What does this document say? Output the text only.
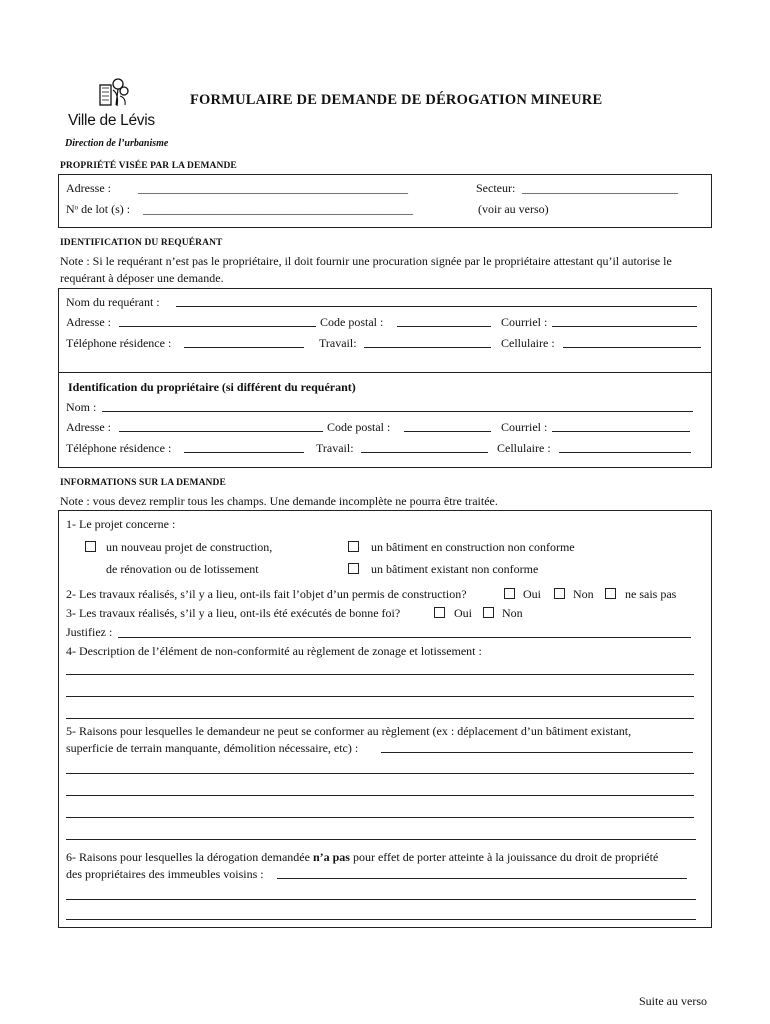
Ville de Lévis
Direction de l’urbanisme
FORMULAIRE DE DEMANDE DE DÉROGATION MINEURE
PROPRIÉTÉ VISÉE PAR LA DEMANDE
Adresse : _____________________________________________
Nᵒ de lot (s) : _____________________________________________
Secteur: __________________________
(voir au verso)
IDENTIFICATION DU REQUÉRANT
Note : Si le requérant n’est pas le propriétaire, il doit fournir une procuration signée par le propriétaire attestant qu’il autorise le
requérant à déposer une demande.
Nom du requérant :
Adresse :	Code postal :	Courriel :
Téléphone résidence :	Travail:	Cellulaire :
Identification du propriétaire (si différent du requérant)
Nom :
Adresse :	Code postal :	Courriel :
Téléphone résidence :	Travail:	Cellulaire :
INFORMATIONS SUR LA DEMANDE
Note : vous devez remplir tous les champs. Une demande incomplète ne pourra être traitée.
1- Le projet concerne :
un nouveau projet de construction,
de rénovation ou de lotissement
un bâtiment en construction non conforme
un bâtiment existant non conforme
2- Les travaux réalisés, s’il y a lieu, ont-ils fait l’objet d’un permis de construction?	Oui	Non	ne sais pas
3- Les travaux réalisés, s’il y a lieu, ont-ils été exécutés de bonne foi?	Oui	Non
Justifiez :
4- Description de l’élément de non-conformité au règlement de zonage et lotissement :
5- Raisons pour lesquelles le demandeur ne peut se conformer au règlement (ex : déplacement d’un bâtiment existant,
superficie de terrain manquante, démolition nécessaire, etc) :
6- Raisons pour lesquelles la dérogation demandée n’a pas pour effet de porter atteinte à la jouissance du droit de propriété
des propriétaires des immeubles voisins :
Suite au verso
